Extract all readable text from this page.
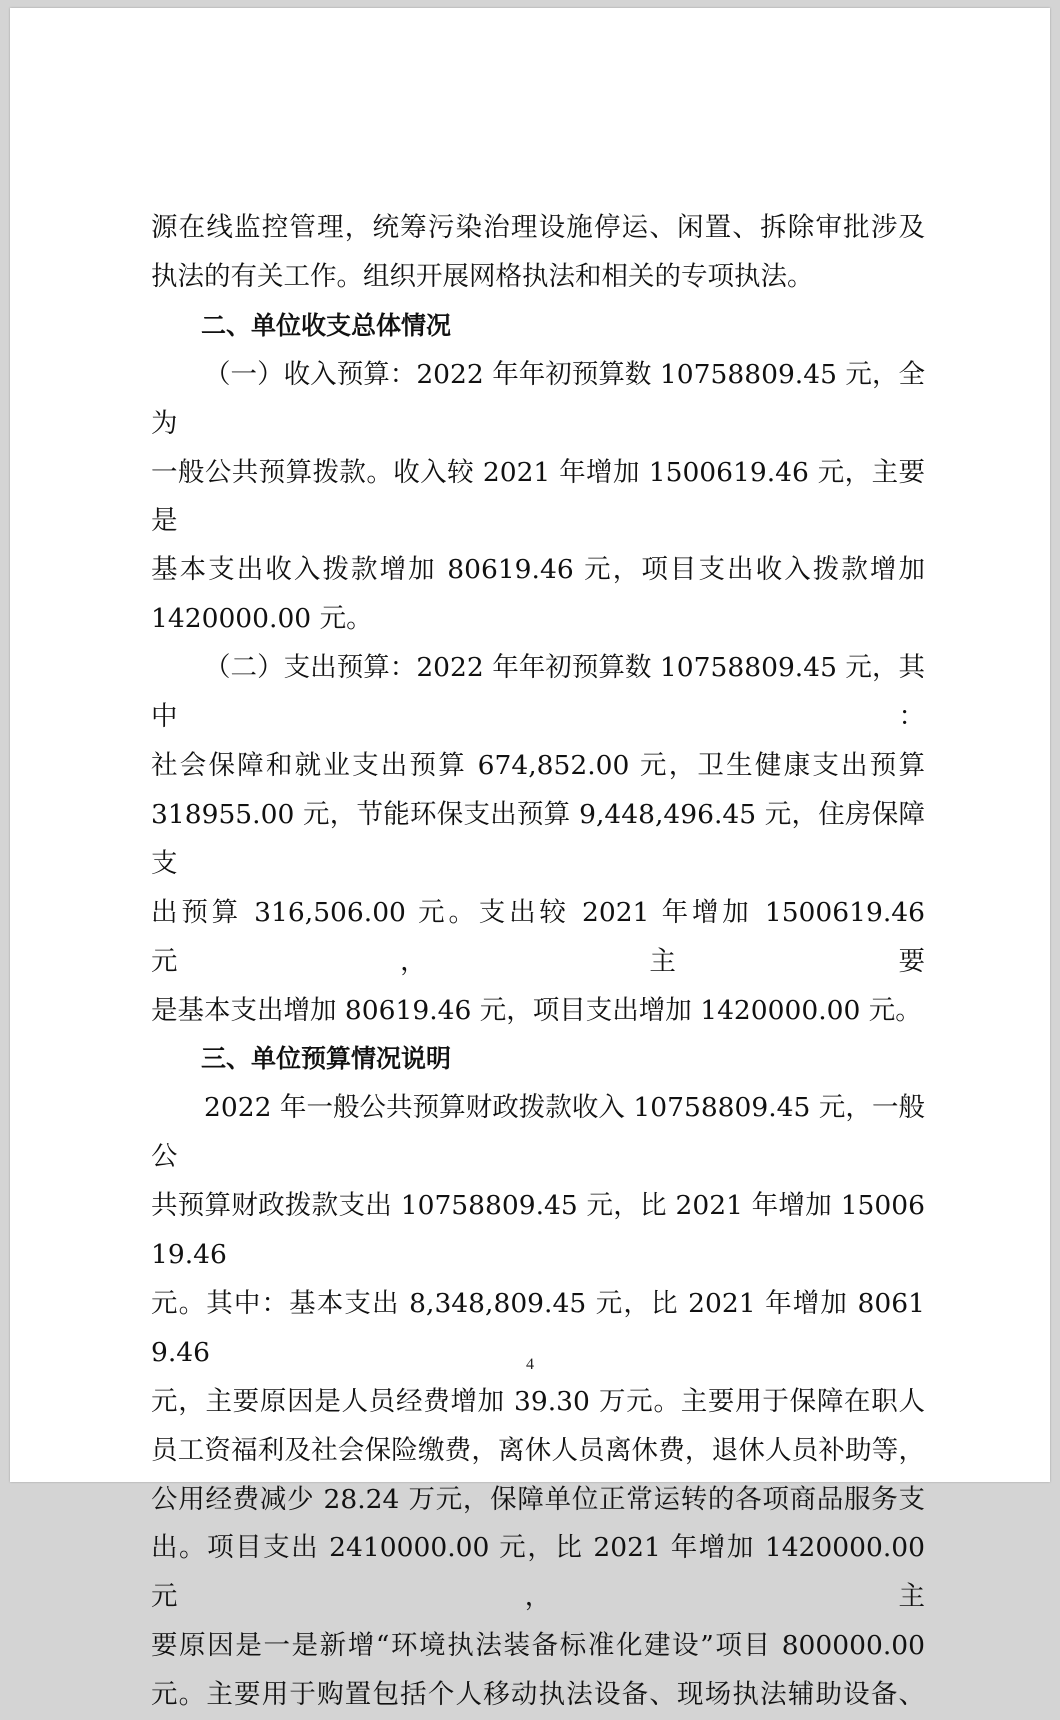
源在线监控管理，统筹污染治理设施停运、闲置、拆除审批涉及

执法的有关工作。组织开展网格执法和相关的专项执法。

二、单位收支总体情况

（一）收入预算：2022 年年初预算数 10758809.45 元，全为

一般公共预算拨款。收入较 2021 年增加 1500619.46 元，主要是

基本支出收入拨款增加 80619.46 元，项目支出收入拨款增加

1420000.00 元。

（二）支出预算：2022 年年初预算数 10758809.45 元，其中：

社会保障和就业支出预算 674,852.00 元，卫生健康支出预算

318955.00 元，节能环保支出预算 9,448,496.45 元，住房保障支

出预算 316,506.00 元。支出较 2021 年增加 1500619.46 元，主要

是基本支出增加 80619.46 元，项目支出增加 1420000.00 元。

三、单位预算情况说明

2022 年一般公共预算财政拨款收入 10758809.45 元，一般公

共预算财政拨款支出 10758809.45 元，比 2021 年增加 1500619.46

元。其中：基本支出 8,348,809.45 元，比 2021 年增加 80619.46

元，主要原因是人员经费增加 39.30 万元。主要用于保障在职人

员工资福利及社会保险缴费，离休人员离休费，退休人员补助等，

公用经费减少 28.24 万元，保障单位正常运转的各项商品服务支

出。项目支出 2410000.00 元，比 2021 年增加 1420000.00 元，主

要原因是一是新增“环境执法装备标准化建设”项目 800000.00

元。主要用于购置包括个人移动执法设备、现场执法辅助设备、

4
